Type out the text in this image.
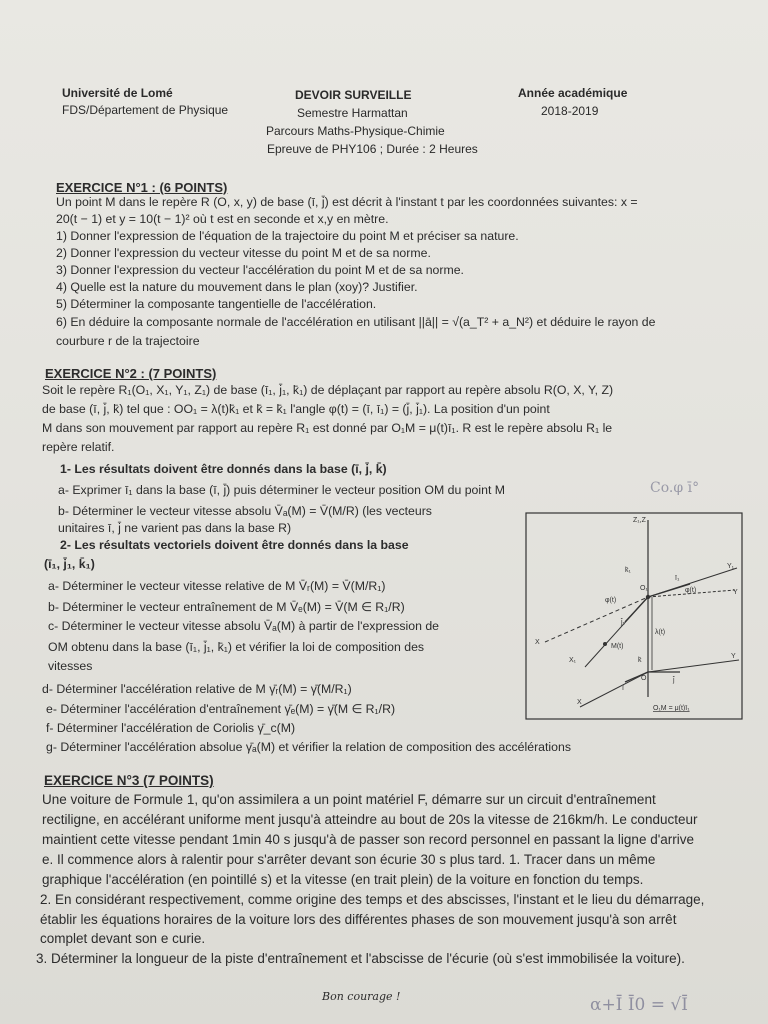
Université de Lomé
FDS/Département de Physique
DEVOIR SURVEILLE
Semestre Harmattan
Parcours Maths-Physique-Chimie
Epreuve de PHY106 ; Durée : 2 Heures
Année académique
2018-2019
EXERCICE N°1 : (6 POINTS)
Un point M dans le repère R (O, x, y) de base (ī, j̄) est décrit à l'instant t par les coordonnées suivantes: x =
20(t − 1) et y = 10(t − 1)² où t est en seconde et x,y en mètre.
1) Donner l'expression de l'équation de la trajectoire du point M et préciser sa nature.
2) Donner l'expression du vecteur vitesse du point M et de sa norme.
3) Donner l'expression du vecteur l'accélération du point M et de sa norme.
4) Quelle est la nature du mouvement dans le plan (xoy)? Justifier.
5) Déterminer la composante tangentielle de l'accélération.
6) En déduire la composante normale de l'accélération en utilisant ||ā|| = √(a_T² + a_N²) et déduire le rayon de
courbure r de la trajectoire
EXERCICE N°2 : (7 POINTS)
Soit le repère R₁(O₁, X₁, Y₁, Z₁) de base (ī₁, j̄₁, k̄₁) de déplaçant par rapport au repère absolu R(O, X, Y, Z)
de base (ī, j̄, k̄) tel que : OO₁ = λ(t)k̄₁ et k̄ = k̄₁ l'angle φ(t) = (ī, ī₁) = (j̄, j̄₁). La position d'un point
M dans son mouvement par rapport au repère R₁ est donné par O₁M = μ(t)ī₁. R est le repère absolu R₁ le
repère relatif.
1- Les résultats doivent être donnés dans la base (ī, j̄, k̄)
a- Exprimer ī₁ dans la base (ī, j̄) puis déterminer le vecteur position OM du point M	Co.φ ī°
b- Déterminer le vecteur vitesse absolu V̄ₐ(M) = V̄(M/R) (les vecteurs
unitaires ī, j̄ ne varient pas dans la base R)
2- Les résultats vectoriels doivent être donnés dans la base
(ī₁, j̄₁, k̄₁)
a- Déterminer le vecteur vitesse relative de M V̄ᵣ(M) = V̄(M/R₁)
b- Déterminer le vecteur entraînement de M V̄ₑ(M) = V̄(M ∈ R₁/R)
c- Déterminer le vecteur vitesse absolu V̄ₐ(M) à partir de l'expression de
OM obtenu dans la base (ī₁, j̄₁, k̄₁) et vérifier la loi de composition des
vitesses
d- Déterminer l'accélération relative de M γ̄ᵣ(M) = γ̄(M/R₁)
e- Déterminer l'accélération d'entraînement γ̄ₑ(M) = γ̄(M ∈ R₁/R)
f- Déterminer l'accélération de Coriolis γ̄_c(M)
g- Déterminer l'accélération absolue γ̄ₐ(M) et vérifier la relation de composition des accélérations
Z₁,Z
k̄₁
O₁
ī₁
Y₁
φ(t)
φ(t)
Y
X
j̄₁
λ(t)
M(t)
X₁	k̄
O	j̄
Y
X
ī
O₁M = μ(t)ī₁
EXERCICE N°3 (7 POINTS)
Une voiture de Formule 1, qu'on assimilera a un point matériel F, démarre sur un circuit d'entraînement
rectiligne, en accélérant uniforme ment jusqu'à atteindre au bout de 20s la vitesse de 216km/h. Le conducteur
maintient cette vitesse pendant 1min 40 s jusqu'à de passer son record personnel en passant la ligne d'arrive
e. Il commence alors à ralentir pour s'arrêter devant son écurie 30 s plus tard. 1. Tracer dans un même
graphique l'accélération (en pointillé s) et la vitesse (en trait plein) de la voiture en fonction du temps.
2. En considérant respectivement, comme origine des temps et des abscisses, l'instant et le lieu du démarrage,
établir les équations horaires de la voiture lors des différentes phases de son mouvement jusqu'à son arrêt
complet devant son e curie.
3. Déterminer la longueur de la piste d'entraînement et l'abscisse de l'écurie (où s'est immobilisée la voiture).
Bon courage !	α+Ī Ī0 = √Ī
